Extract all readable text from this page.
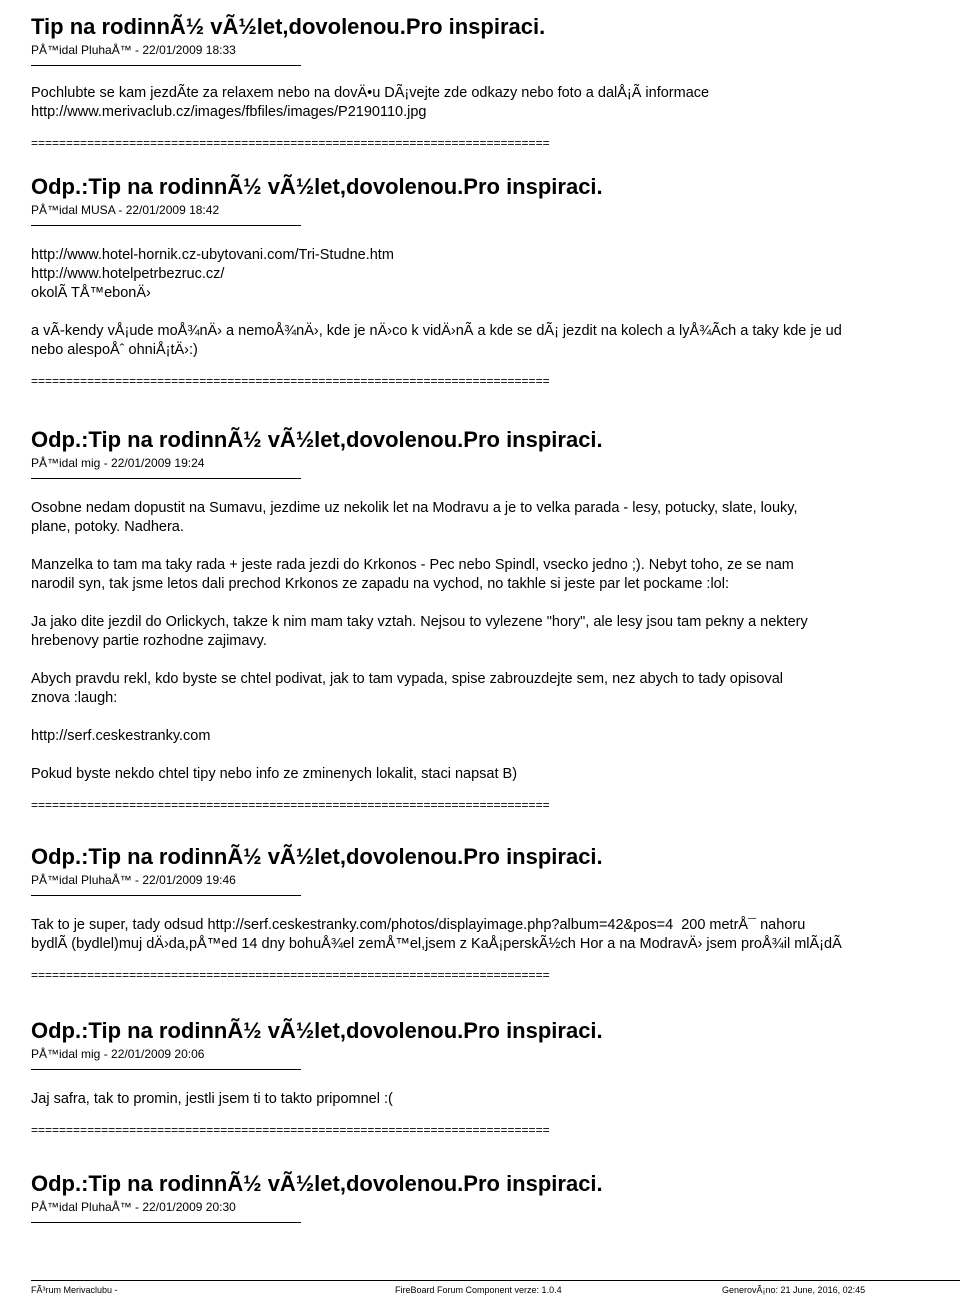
Tip na rodinnÃ½ vÃ½let,dovolenou.Pro inspiraci.
PÅ™idal PluhaÅ™ - 22/01/2009 18:33

Pochlubte se kam jezdÃte za relaxem nebo na dovÄ•u DÃ¡vejte zde odkazy nebo foto a dalÅ¡Ã informace
http://www.merivaclub.cz/images/fbfiles/images/P2190110.jpg

==========================================================================
Odp.:Tip na rodinnÃ½ vÃ½let,dovolenou.Pro inspiraci.
PÅ™idal MUSA - 22/01/2009 18:42

http://www.hotel-hornik.cz-ubytovani.com/Tri-Studne.htm
http://www.hotelpetrbezruc.cz/
okolÃ TÅ™ebonÄ›

a vÃ-kendy vÅ¡ude moÅ¾nÄ› a nemoÅ¾nÄ›, kde je nÄ›co k vidÄ›nÃ a kde se dÃ¡ jezdit na kolech a lyÅ¾Ãch a taky kde je ud
nebo alespoÅˆ ohniÅ¡tÄ›:)

==========================================================================
Odp.:Tip na rodinnÃ½ vÃ½let,dovolenou.Pro inspiraci.
PÅ™idal mig - 22/01/2009 19:24

Osobne nedam dopustit na Sumavu, jezdime uz nekolik let na Modravu a je to velka parada - lesy, potucky, slate, louky,
plane, potoky. Nadhera.

Manzelka to tam ma taky rada + jeste rada jezdi do Krkonos - Pec nebo Spindl, vsecko jedno ;). Nebyt toho, ze se nam
narodil syn, tak jsme letos dali prechod Krkonos ze zapadu na vychod, no takhle si jeste par let pockame :lol:

Ja jako dite jezdil do Orlickych, takze k nim mam taky vztah. Nejsou to vylezene "hory", ale lesy jsou tam pekny a nektery
hrebenovy partie rozhodne zajimavy.

Abych pravdu rekl, kdo byste se chtel podivat, jak to tam vypada, spise zabrouzdejte sem, nez abych to tady opisoval
znova :laugh:

http://serf.ceskestranky.com

Pokud byste nekdo chtel tipy nebo info ze zminenych lokalit, staci napsat B)

==========================================================================
Odp.:Tip na rodinnÃ½ vÃ½let,dovolenou.Pro inspiraci.
PÅ™idal PluhaÅ™ - 22/01/2009 19:46

Tak to je super, tady odsud http://serf.ceskestranky.com/photos/displayimage.php?album=42&pos=4  200 metrÅ¯ nahoru
bydlÃ (bydlel)muj dÄ›da,pÅ™ed 14 dny bohuÅ¾el zemÅ™el,jsem z KaÅ¡perskÃ½ch Hor a na ModravÄ› jsem proÅ¾il mlÃ¡dÃ

==========================================================================
Odp.:Tip na rodinnÃ½ vÃ½let,dovolenou.Pro inspiraci.
PÅ™idal mig - 22/01/2009 20:06

Jaj safra, tak to promin, jestli jsem ti to takto pripomnel :(

==========================================================================
Odp.:Tip na rodinnÃ½ vÃ½let,dovolenou.Pro inspiraci.
PÅ™idal PluhaÅ™ - 22/01/2009 20:30
FÃ³rum Merivaclubu -	FireBoard Forum Component verze: 1.0.4	GenerovÃ¡no: 21 June, 2016, 02:45
